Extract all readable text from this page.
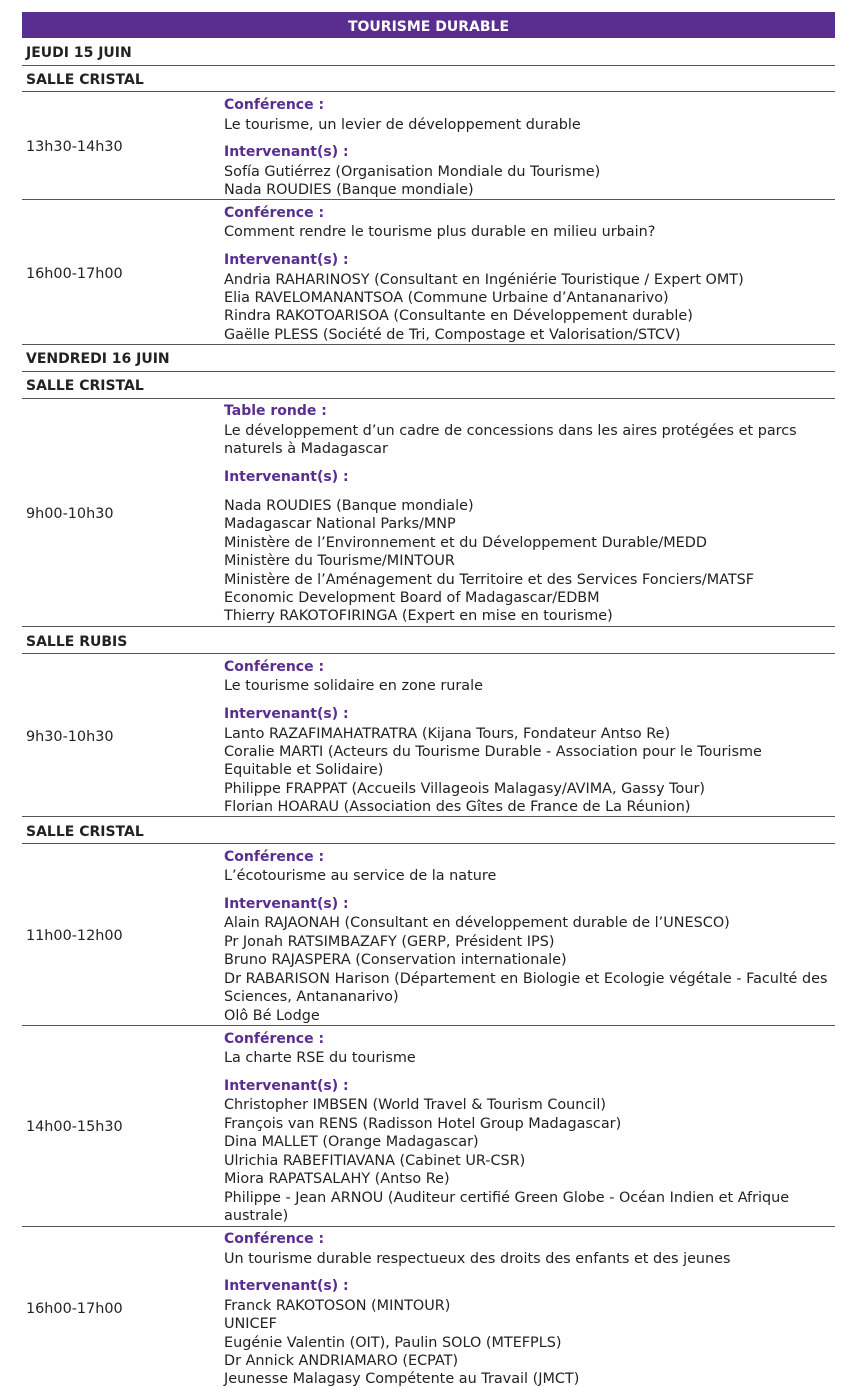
TOURISME DURABLE
JEUDI 15 JUIN
SALLE CRISTAL
13h30-14h30
Conférence :
Le tourisme, un levier de développement durable
Intervenant(s) :
Sofía Gutiérrez (Organisation Mondiale du Tourisme)
Nada ROUDIES (Banque mondiale)
16h00-17h00
Conférence :
Comment rendre le tourisme plus durable en milieu urbain?
Intervenant(s) :
Andria RAHARINOSY (Consultant en Ingéniérie Touristique / Expert OMT)
Elia RAVELOMANANTSOA (Commune Urbaine d’Antananarivo)
Rindra RAKOTOARISOA (Consultante en Développement durable)
Gaëlle PLESS (Société de Tri, Compostage et Valorisation/STCV)
VENDREDI 16 JUIN
SALLE CRISTAL
9h00-10h30
Table ronde :
Le développement d’un cadre de concessions dans les aires protégées et parcs naturels à Madagascar
Intervenant(s) :
Nada ROUDIES (Banque mondiale)
Madagascar National Parks/MNP
Ministère de l’Environnement et du Développement Durable/MEDD
Ministère du Tourisme/MINTOUR
Ministère de l’Aménagement du Territoire et des Services Fonciers/MATSF
Economic Development Board of Madagascar/EDBM
Thierry RAKOTOFIRINGA (Expert en mise en tourisme)
SALLE RUBIS
9h30-10h30
Conférence :
Le tourisme solidaire en zone rurale
Intervenant(s) :
Lanto RAZAFIMAHATRATRA (Kijana Tours, Fondateur Antso Re)
Coralie MARTI (Acteurs du Tourisme Durable - Association pour le Tourisme Equitable et Solidaire)
Philippe FRAPPAT (Accueils Villageois Malagasy/AVIMA, Gassy Tour)
Florian HOARAU (Association des Gîtes de France de La Réunion)
SALLE CRISTAL
11h00-12h00
Conférence :
L’écotourisme au service de la nature
Intervenant(s) :
Alain RAJAONAH (Consultant en développement durable de l’UNESCO)
Pr Jonah RATSIMBAZAFY (GERP, Président IPS)
Bruno RAJASPERA (Conservation internationale)
Dr RABARISON Harison (Département en Biologie et Ecologie végétale - Faculté des Sciences, Antananarivo)
Olô Bé Lodge
14h00-15h30
Conférence :
La charte RSE du tourisme
Intervenant(s) :
Christopher IMBSEN (World Travel & Tourism Council)
François van RENS (Radisson Hotel Group Madagascar)
Dina MALLET (Orange Madagascar)
Ulrichia RABEFITIAVANA (Cabinet UR-CSR)
Miora RAPATSALAHY (Antso Re)
Philippe - Jean ARNOU (Auditeur certifié Green Globe - Océan Indien et Afrique australe)
16h00-17h00
Conférence :
Un tourisme durable respectueux des droits des enfants et des jeunes
Intervenant(s) :
Franck RAKOTOSON (MINTOUR)
UNICEF
Eugénie Valentin (OIT), Paulin SOLO (MTEFPLS)
Dr Annick ANDRIAMARO (ECPAT)
Jeunesse Malagasy Compétente au Travail (JMCT)
